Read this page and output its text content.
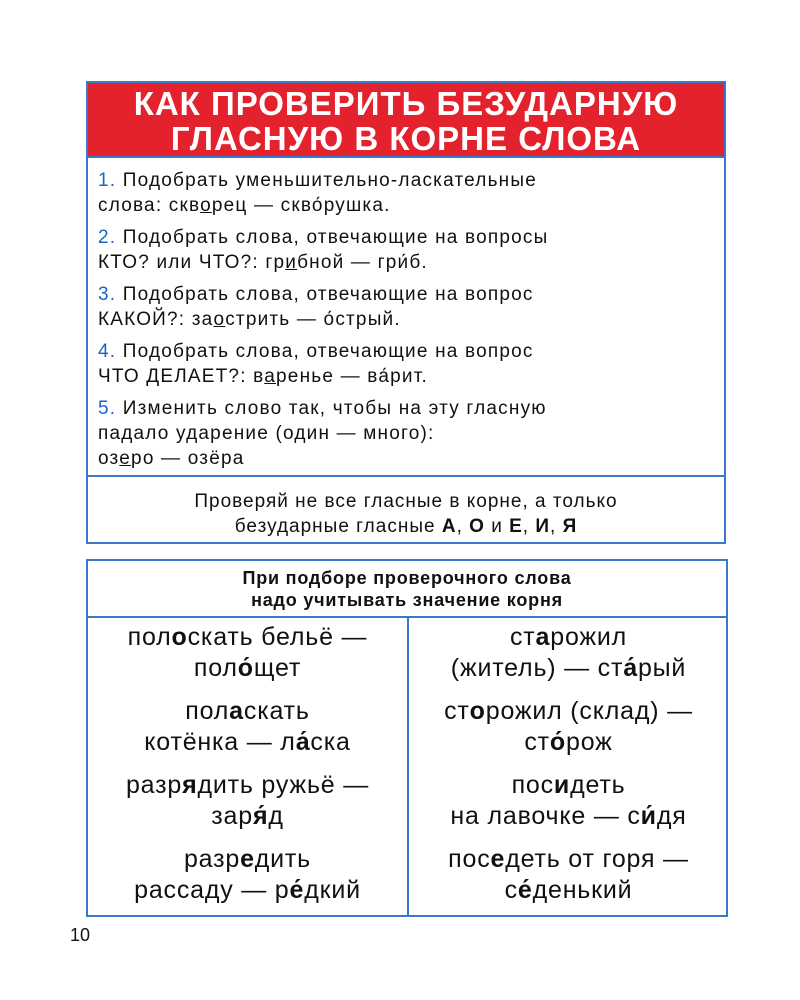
КАК ПРОВЕРИТЬ БЕЗУДАРНУЮ
ГЛАСНУЮ В КОРНЕ СЛОВА
1. Подобрать уменьшительно-ласкательные
слова: скворец — скво́рушка.
2. Подобрать слова, отвечающие на вопросы
КТО? или ЧТО?: грибной — гри́б.
3. Подобрать слова, отвечающие на вопрос
КАКОЙ?: заострить — о́стрый.
4. Подобрать слова, отвечающие на вопрос
ЧТО ДЕЛАЕТ?: варенье — ва́рит.
5. Изменить слово так, чтобы на эту гласную
падало ударение (один — много):
озеро — озёра
Проверяй не все гласные в корне, а только
безударные гласные А, О и Е, И, Я
При подборе проверочного слова
надо учитывать значение корня
полоскать бельё —
поло́щет
поласкать
котёнка — ла́ска
разрядить ружьё —
заря́д
разредить
рассаду — ре́дкий
старожил
(житель) — ста́рый
сторожил (склад) —
сто́рож
посидеть
на лавочке — си́дя
поседеть от горя —
се́денький
10
